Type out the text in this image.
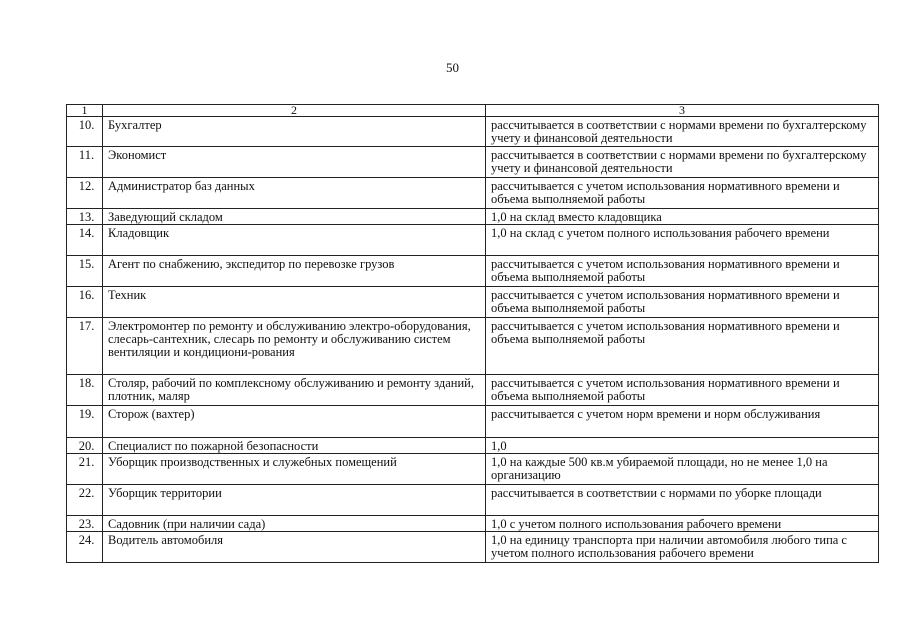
50
1	2	3
10.	Бухгалтер	рассчитывается в соответствии с нормами времени по бухгалтерскому учету и финансовой деятельности
11.	Экономист	рассчитывается в соответствии с нормами времени по бухгалтерскому учету и финансовой деятельности
12.	Администратор баз данных	рассчитывается с учетом использования нормативного времени и объема выполняемой работы
13.	Заведующий складом	1,0 на склад вместо кладовщика
14.	Кладовщик	1,0 на склад с учетом полного использования рабочего времени
15.	Агент по снабжению, экспедитор по перевозке грузов	рассчитывается с учетом использования нормативного времени и объема выполняемой работы
16.	Техник	рассчитывается с учетом использования нормативного времени и объема выполняемой работы
17.	Электромонтер по ремонту и обслуживанию электро-оборудования, слесарь-сантехник, слесарь по ремонту и обслуживанию систем вентиляции и кондициони-рования	рассчитывается с учетом использования нормативного времени и объема выполняемой работы
18.	Столяр, рабочий по комплексному обслуживанию и ремонту зданий, плотник, маляр	рассчитывается с учетом использования нормативного времени и объема выполняемой работы
19.	Сторож (вахтер)	рассчитывается с учетом норм времени и норм обслуживания
20.	Специалист по пожарной безопасности	1,0
21.	Уборщик производственных и служебных помещений	1,0 на каждые 500 кв.м убираемой площади, но не менее 1,0 на организацию
22.	Уборщик территории	рассчитывается в соответствии с нормами по уборке площади
23.	Садовник (при наличии сада)	1,0 с учетом полного использования рабочего времени
24.	Водитель автомобиля	1,0 на единицу транспорта при наличии автомобиля любого типа с учетом полного использования рабочего времени
